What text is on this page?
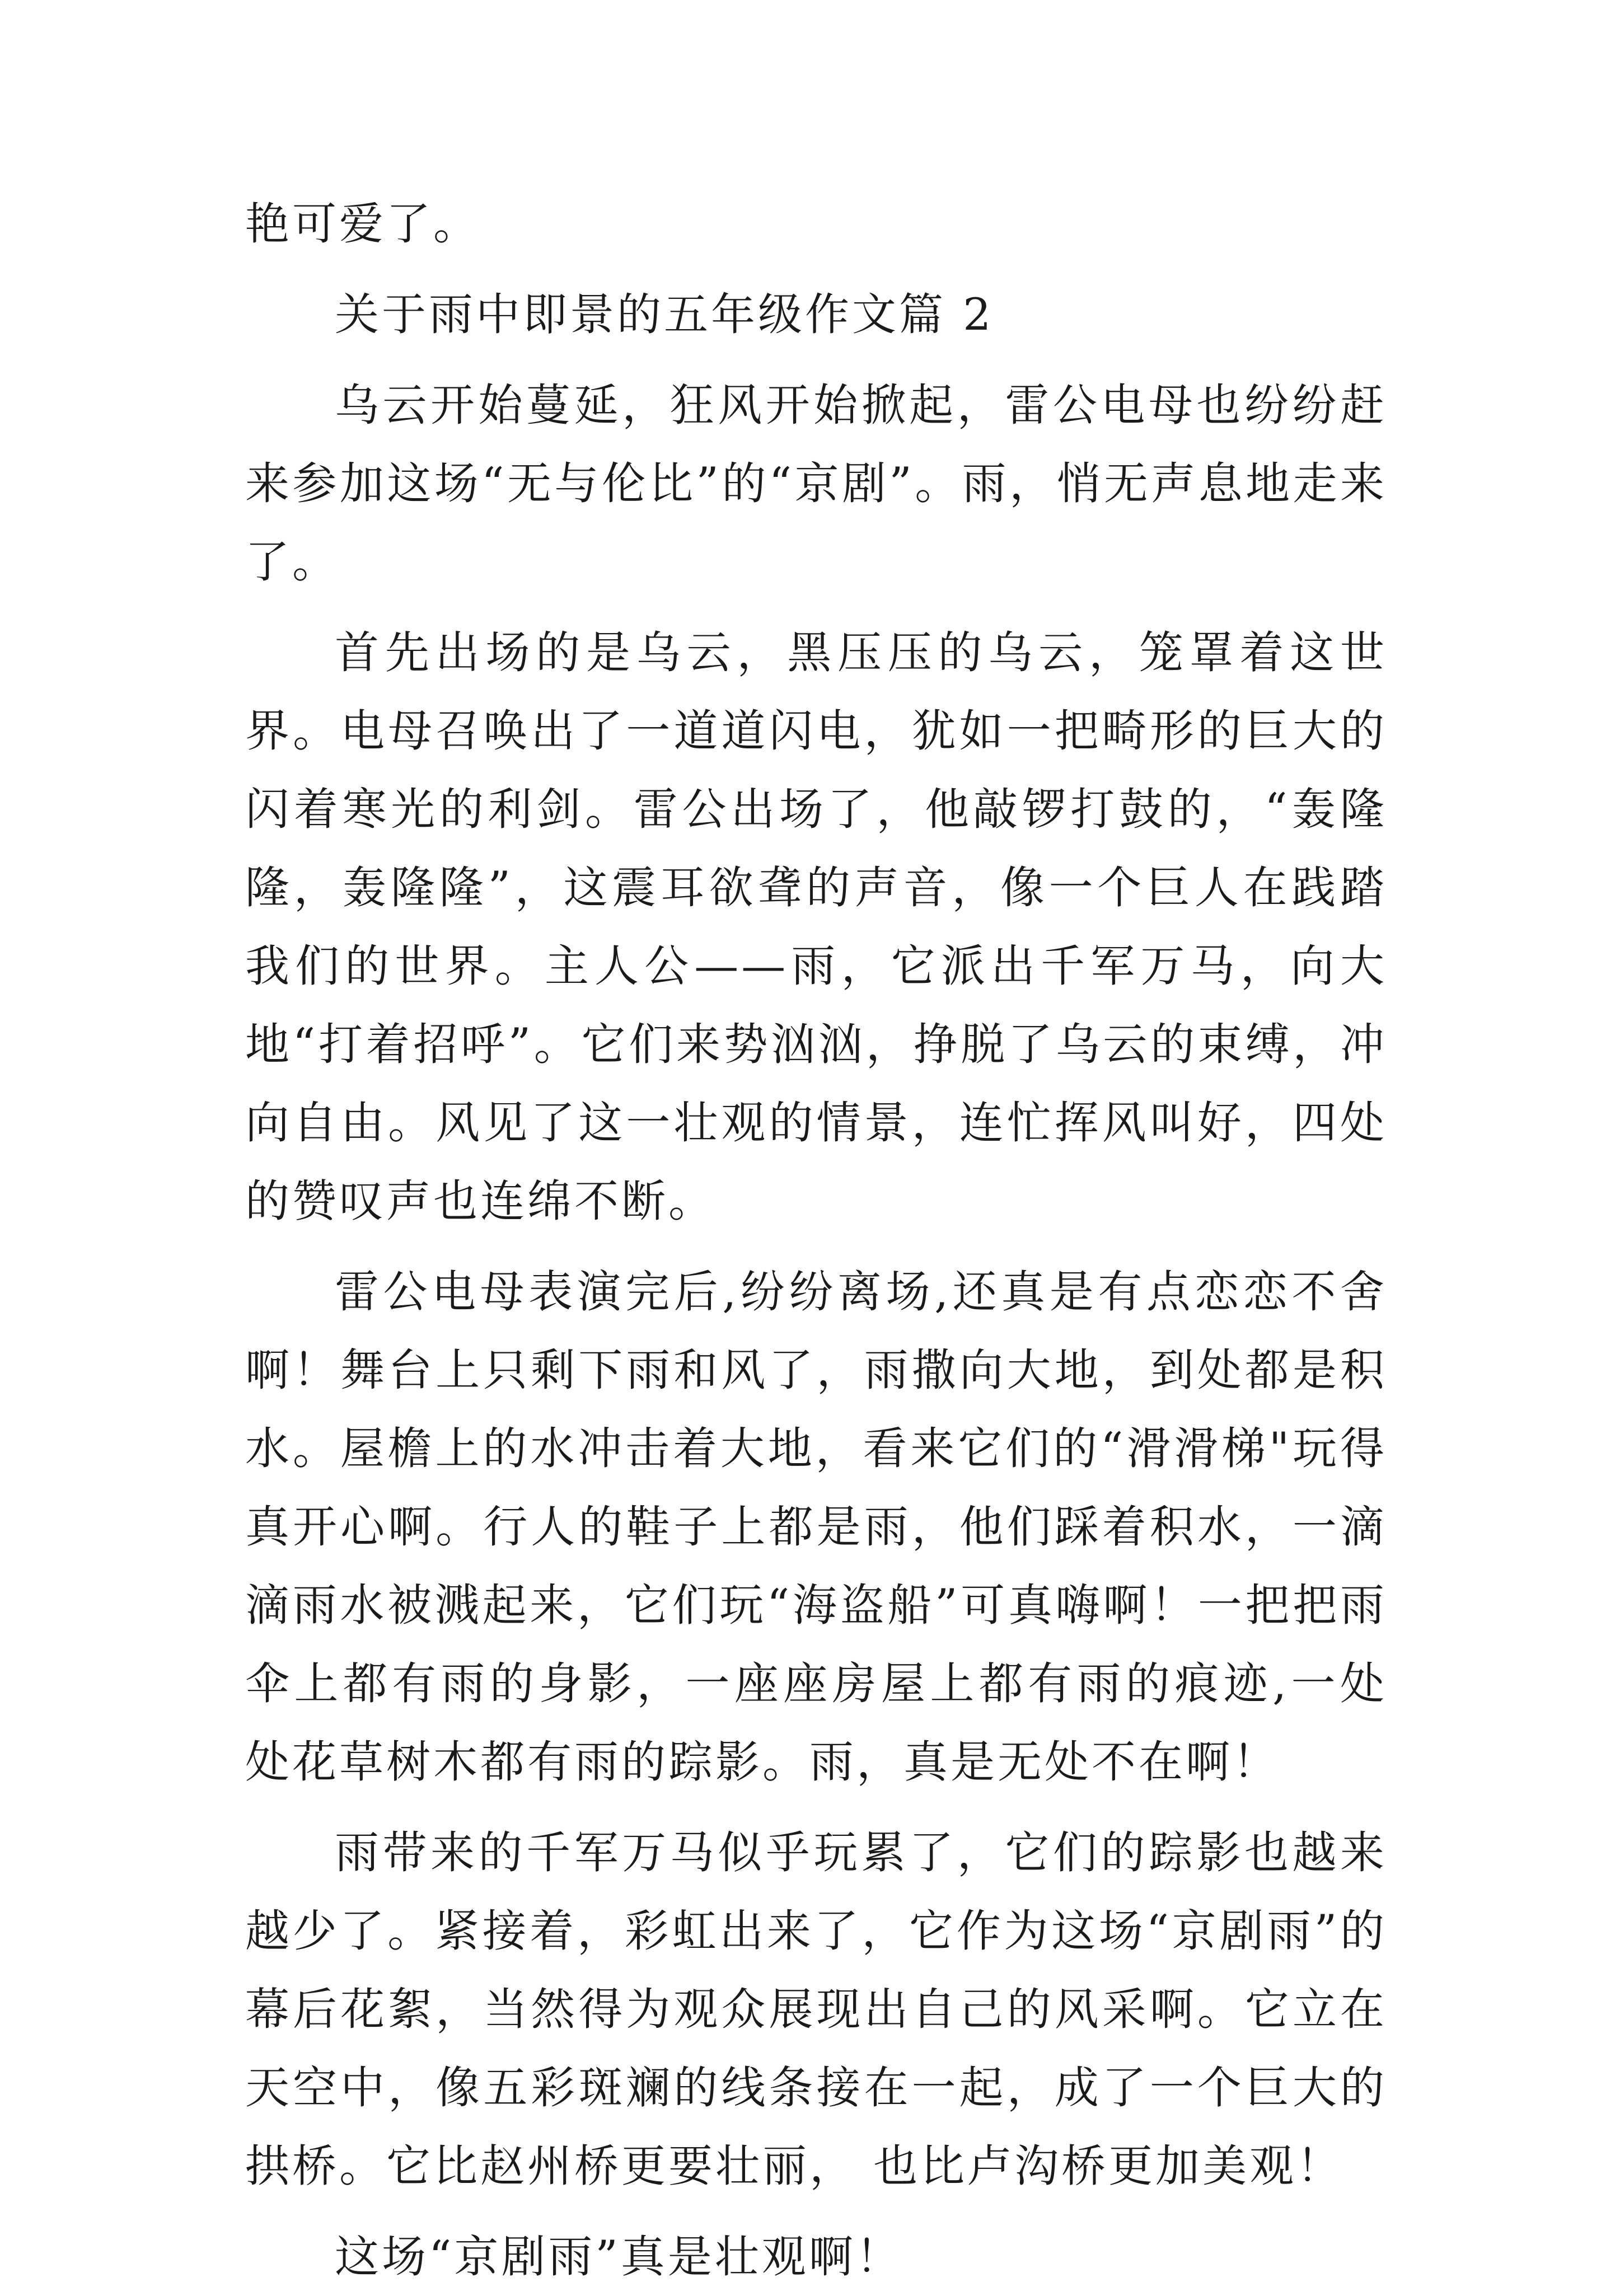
艳可爱了。

关于雨中即景的五年级作文篇 2

乌云开始蔓延，狂风开始掀起，雷公电母也纷纷赶来参加这场“无与伦比”的“京剧”。雨，悄无声息地走来了。

首先出场的是乌云，黑压压的乌云，笼罩着这世界。电母召唤出了一道道闪电，犹如一把畸形的巨大的闪着寒光的利剑。雷公出场了，他敲锣打鼓的，“轰隆隆，轰隆隆”，这震耳欲聋的声音，像一个巨人在践踏我们的世界。主人公——雨，它派出千军万马，向大地“打着招呼”。它们来势汹汹，挣脱了乌云的束缚，冲向自由。风见了这一壮观的情景，连忙挥风叫好，四处的赞叹声也连绵不断。

雷公电母表演完后,纷纷离场,还真是有点恋恋不舍啊！舞台上只剩下雨和风了，雨撒向大地，到处都是积水。屋檐上的水冲击着大地，看来它们的“滑滑梯"玩得真开心啊。行人的鞋子上都是雨，他们踩着积水，一滴滴雨水被溅起来，它们玩“海盗船”可真嗨啊！一把把雨伞上都有雨的身影，一座座房屋上都有雨的痕迹,一处处花草树木都有雨的踪影。雨，真是无处不在啊！

雨带来的千军万马似乎玩累了，它们的踪影也越来越少了。紧接着，彩虹出来了，它作为这场“京剧雨”的幕后花絮，当然得为观众展现出自己的风采啊。它立在天空中，像五彩斑斓的线条接在一起，成了一个巨大的拱桥。它比赵州桥更要壮丽， 也比卢沟桥更加美观！

这场“京剧雨”真是壮观啊！
